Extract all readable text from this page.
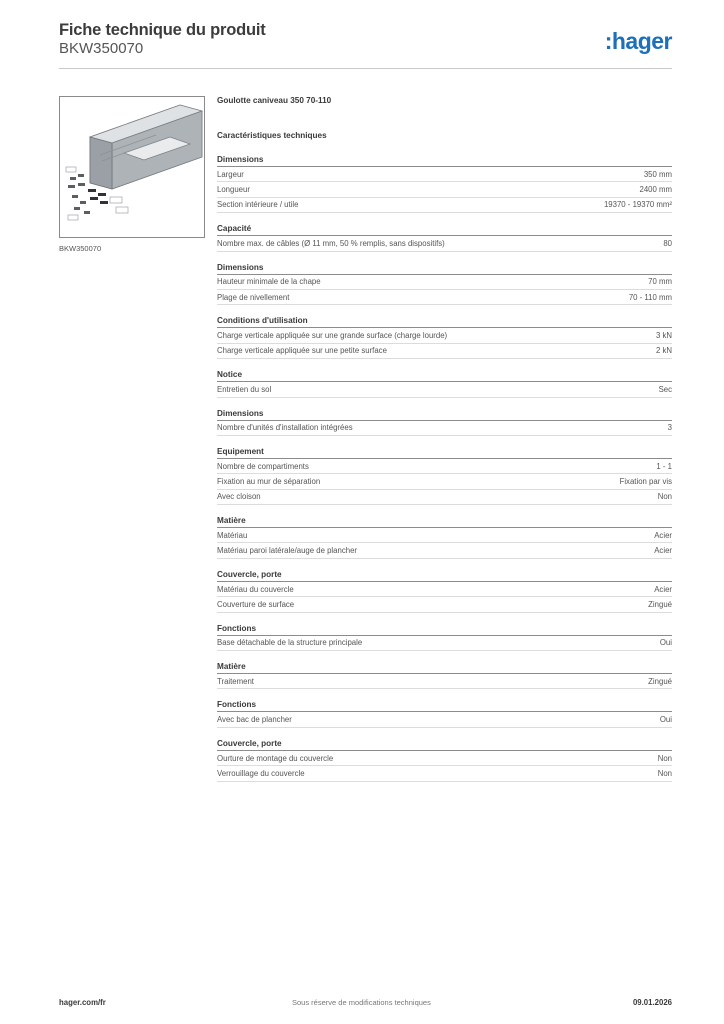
Fiche technique du produit
BKW350070	:hager
BKW350070
Goulotte caniveau 350 70-110
Caractéristiques techniques
Dimensions
Largeur	350 mm
Longueur	2400 mm
Section intérieure / utile	19370 - 19370 mm²
Capacité
Nombre max. de câbles (Ø 11 mm, 50 % remplis, sans dispositifs)	80
Dimensions
Hauteur minimale de la chape	70 mm
Plage de nivellement	70 - 110 mm
Conditions d'utilisation
Charge verticale appliquée sur une grande surface (charge lourde)	3 kN
Charge verticale appliquée sur une petite surface	2 kN
Notice
Entretien du sol	Sec
Dimensions
Nombre d'unités d'installation intégrées	3
Equipement
Nombre de compartiments	1 - 1
Fixation au mur de séparation	Fixation par vis
Avec cloison	Non
Matière
Matériau	Acier
Matériau paroi latérale/auge de plancher	Acier
Couvercle, porte
Matériau du couvercle	Acier
Couverture de surface	Zingué
Fonctions
Base détachable de la structure principale	Oui
Matière
Traitement	Zingué
Fonctions
Avec bac de plancher	Oui
Couvercle, porte
Ourture de montage du couvercle	Non
Verrouillage du couvercle	Non
hager.com/fr	Sous réserve de modifications techniques	09.01.2026
